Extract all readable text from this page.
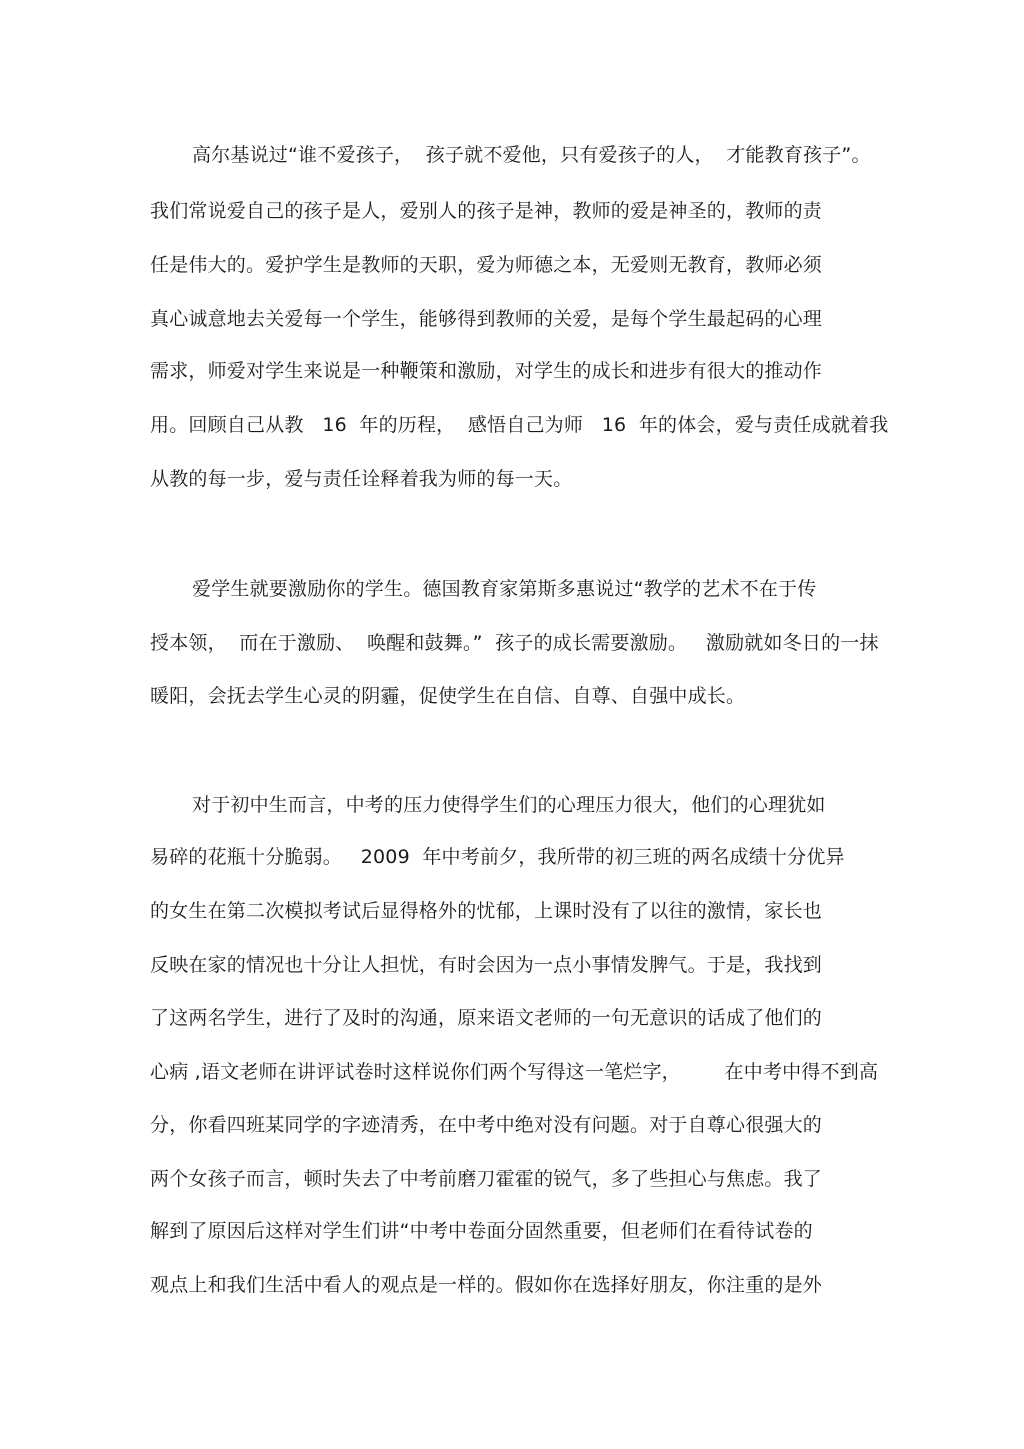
高尔基说过“谁不爱孩子，  孩子就不爱他，只有爱孩子的人，  才能教育孩子”。
我们常说爱自己的孩子是人，爱别人的孩子是神，教师的爱是神圣的，教师的责
任是伟大的。爱护学生是教师的天职，爱为师德之本，无爱则无教育，教师必须
真心诚意地去关爱每一个学生，能够得到教师的关爱，是每个学生最起码的心理
需求，师爱对学生来说是一种鞭策和激励，对学生的成长和进步有很大的推动作
用。回顾自己从教   16  年的历程，  感悟自己为师   16  年的体会，爱与责任成就着我
从教的每一步，爱与责任诠释着我为师的每一天。
爱学生就要激励你的学生。德国教育家第斯多惠说过“教学的艺术不在于传
授本领，  而在于激励、  唤醒和鼓舞。”  孩子的成长需要激励。   激励就如冬日的一抹
暖阳，会抚去学生心灵的阴霾，促使学生在自信、自尊、自强中成长。
对于初中生而言，中考的压力使得学生们的心理压力很大，他们的心理犹如
易碎的花瓶十分脆弱。   2009  年中考前夕，我所带的初三班的两名成绩十分优异
的女生在第二次模拟考试后显得格外的忧郁，上课时没有了以往的激情，家长也
反映在家的情况也十分让人担忧，有时会因为一点小事情发脾气。于是，我找到
了这两名学生，进行了及时的沟通，原来语文老师的一句无意识的话成了他们的
心病 ,语文老师在讲评试卷时这样说你们两个写得这一笔烂字，       在中考中得不到高
分，你看四班某同学的字迹清秀，在中考中绝对没有问题。对于自尊心很强大的
两个女孩子而言，顿时失去了中考前磨刀霍霍的锐气，多了些担心与焦虑。我了
解到了原因后这样对学生们讲“中考中卷面分固然重要，但老师们在看待试卷的
观点上和我们生活中看人的观点是一样的。假如你在选择好朋友，你注重的是外
